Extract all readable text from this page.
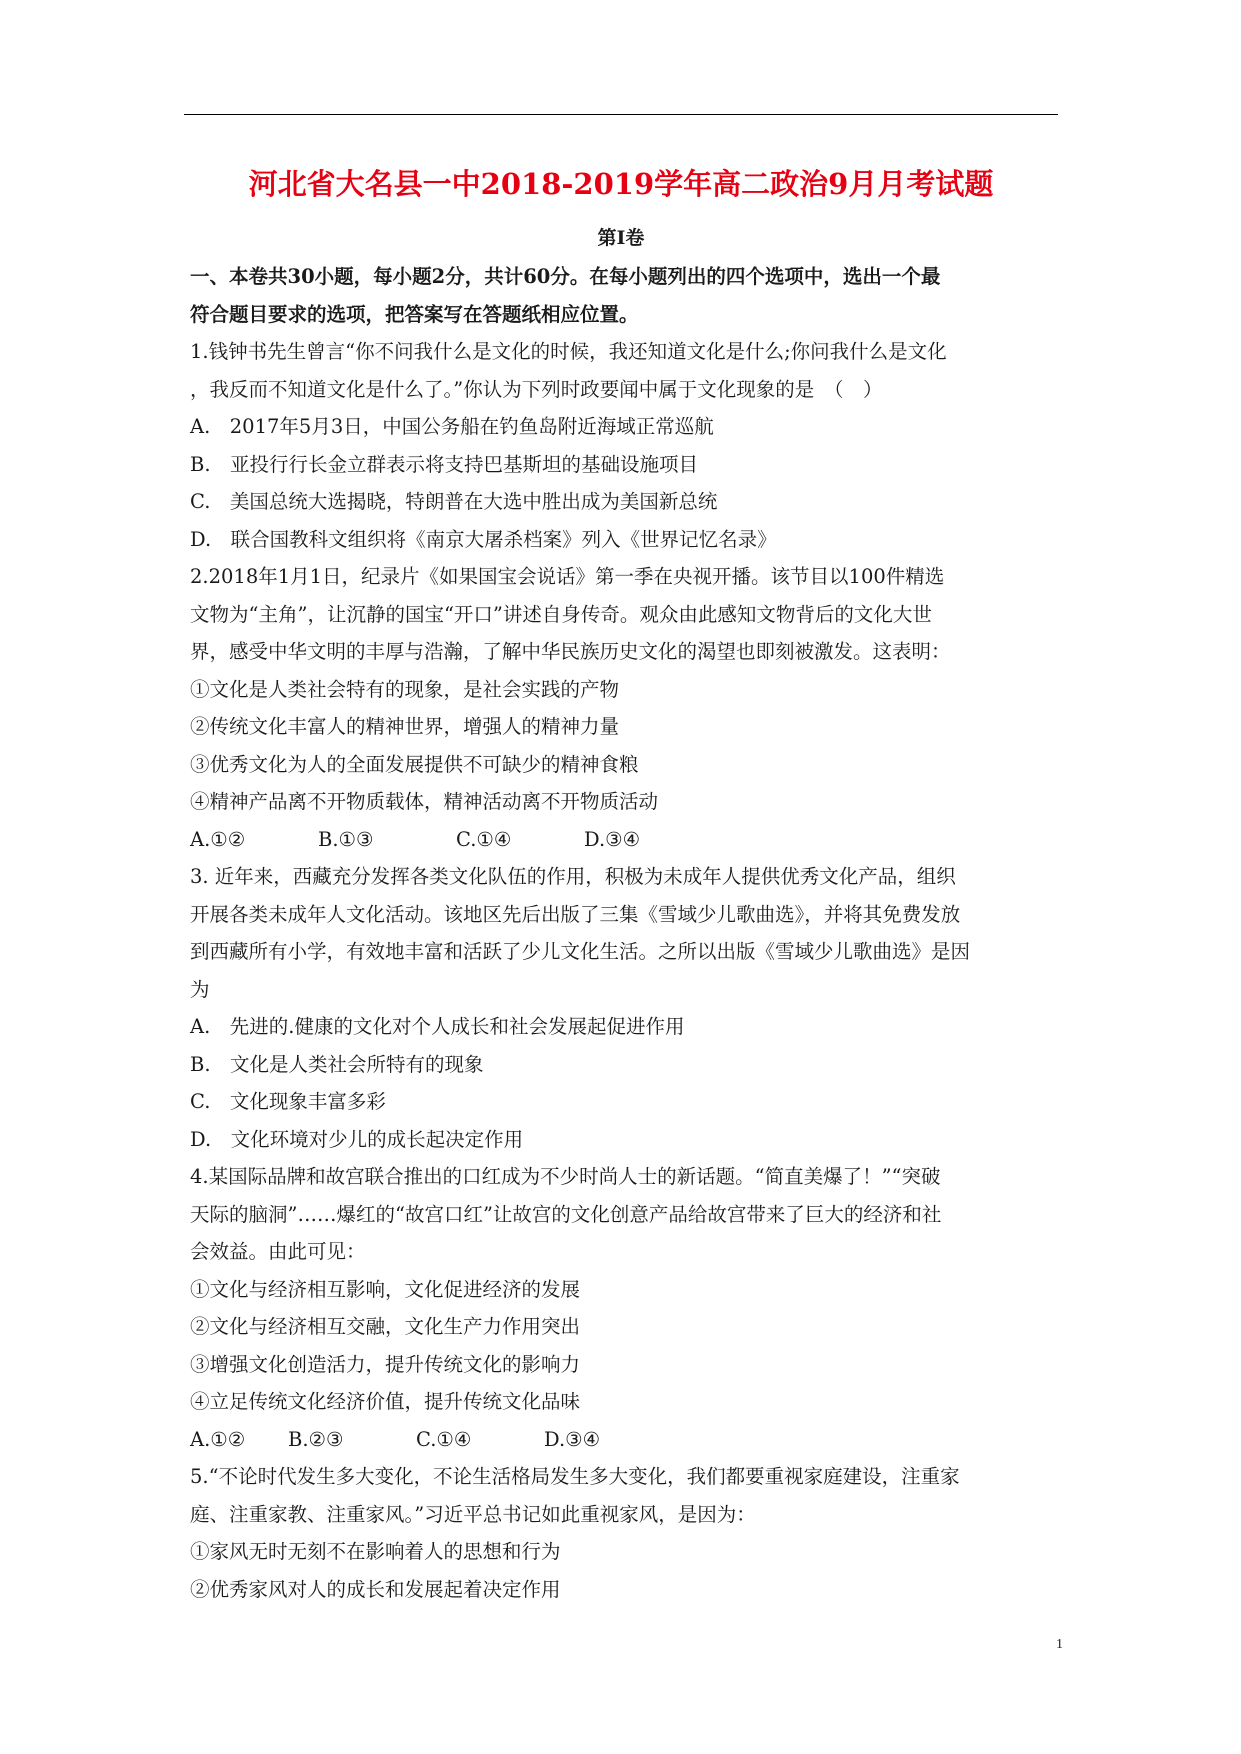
河北省大名县一中2018-2019学年高二政治9月月考试题
第Ⅰ卷
一、本卷共30小题，每小题2分，共计60分。在每小题列出的四个选项中，选出一个最
符合题目要求的选项，把答案写在答题纸相应位置。
1.钱钟书先生曾言“你不问我什么是文化的时候，我还知道文化是什么;你问我什么是文化
，我反而不知道文化是什么了。”你认为下列时政要闻中属于文化现象的是　（　）
A.　2017年5月3日，中国公务船在钓鱼岛附近海域正常巡航
B.　亚投行行长金立群表示将支持巴基斯坦的基础设施项目
C.　美国总统大选揭晓，特朗普在大选中胜出成为美国新总统
D.　联合国教科文组织将《南京大屠杀档案》列入《世界记忆名录》
2.2018年1月1日，纪录片《如果国宝会说话》第一季在央视开播。该节目以100件精选
文物为“主角”，让沉静的国宝“开口”讲述自身传奇。观众由此感知文物背后的文化大世
界，感受中华文明的丰厚与浩瀚，了解中华民族历史文化的渴望也即刻被激发。这表明：
①文化是人类社会特有的现象，是社会实践的产物
②传统文化丰富人的精神世界，增强人的精神力量
③优秀文化为人的全面发展提供不可缺少的精神食粮
④精神产品离不开物质载体，精神活动离不开物质活动
A.①②	B.①③	C.①④	D.③④
3. 近年来，西藏充分发挥各类文化队伍的作用，积极为未成年人提供优秀文化产品，组织
开展各类未成年人文化活动。该地区先后出版了三集《雪域少儿歌曲选》，并将其免费发放
到西藏所有小学，有效地丰富和活跃了少儿文化生活。之所以出版《雪域少儿歌曲选》是因
为
A.　先进的.健康的文化对个人成长和社会发展起促进作用
B.　文化是人类社会所特有的现象
C.　文化现象丰富多彩
D.　文化环境对少儿的成长起决定作用
4.某国际品牌和故宫联合推出的口红成为不少时尚人士的新话题。“简直美爆了！”“突破
天际的脑洞”……爆红的“故宫口红”让故宫的文化创意产品给故宫带来了巨大的经济和社
会效益。由此可见：
①文化与经济相互影响，文化促进经济的发展
②文化与经济相互交融，文化生产力作用突出
③增强文化创造活力，提升传统文化的影响力
④立足传统文化经济价值，提升传统文化品味
A.①②	B.②③	C.①④	D.③④
5.“不论时代发生多大变化，不论生活格局发生多大变化，我们都要重视家庭建设，注重家
庭、注重家教、注重家风。”习近平总书记如此重视家风，是因为：
①家风无时无刻不在影响着人的思想和行为
②优秀家风对人的成长和发展起着决定作用
1
